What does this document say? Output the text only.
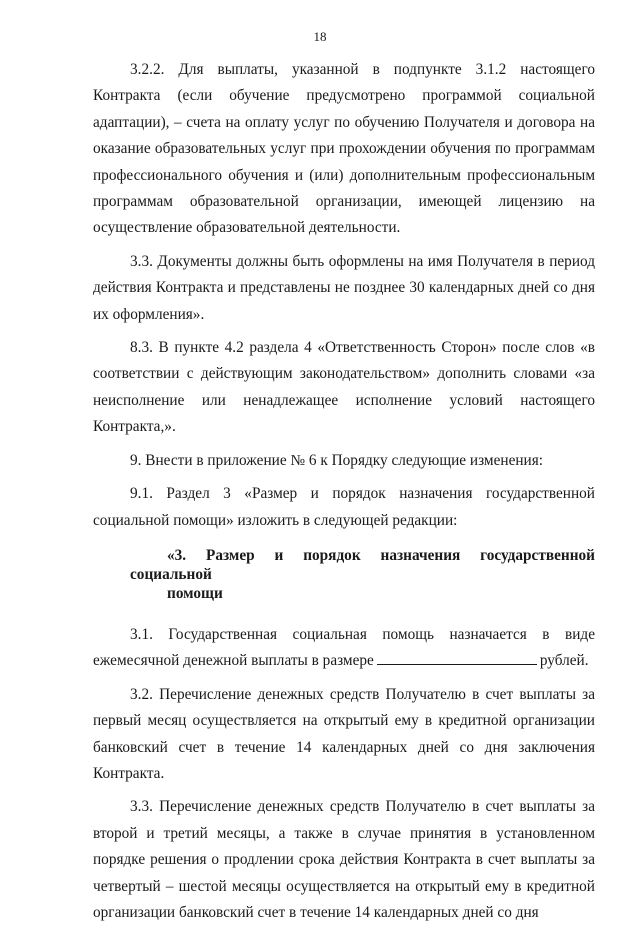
18

3.2.2. Для выплаты, указанной в подпункте 3.1.2 настоящего Контракта (если обучение предусмотрено программой социальной адаптации), – счета на оплату услуг по обучению Получателя и договора на оказание образовательных услуг при прохождении обучения по программам профессионального обучения и (или) дополнительным профессиональным программам образовательной организации, имеющей лицензию на осуществление образовательной деятельности.

3.3. Документы должны быть оформлены на имя Получателя в период действия Контракта и представлены не позднее 30 календарных дней со дня их оформления».

8.3. В пункте 4.2 раздела 4 «Ответственность Сторон» после слов «в соответствии с действующим законодательством» дополнить словами «за неисполнение или ненадлежащее исполнение условий настоящего Контракта,».

9. Внести в приложение № 6 к Порядку следующие изменения:

9.1. Раздел 3 «Размер и порядок назначения государственной социальной помощи» изложить в следующей редакции:

«3. Размер и порядок назначения государственной социальной
помощи

3.1. Государственная социальная помощь назначается в виде ежемесячной денежной выплаты в размере	рублей.

3.2. Перечисление денежных средств Получателю в счет выплаты за первый месяц осуществляется на открытый ему в кредитной организации банковский счет в течение 14 календарных дней со дня заключения Контракта.

3.3. Перечисление денежных средств Получателю в счет выплаты за второй и третий месяцы, а также в случае принятия в установленном порядке решения о продлении срока действия Контракта в счет выплаты за четвертый – шестой месяцы осуществляется на открытый ему в кредитной организации банковский счет в течение 14 календарных дней со дня
